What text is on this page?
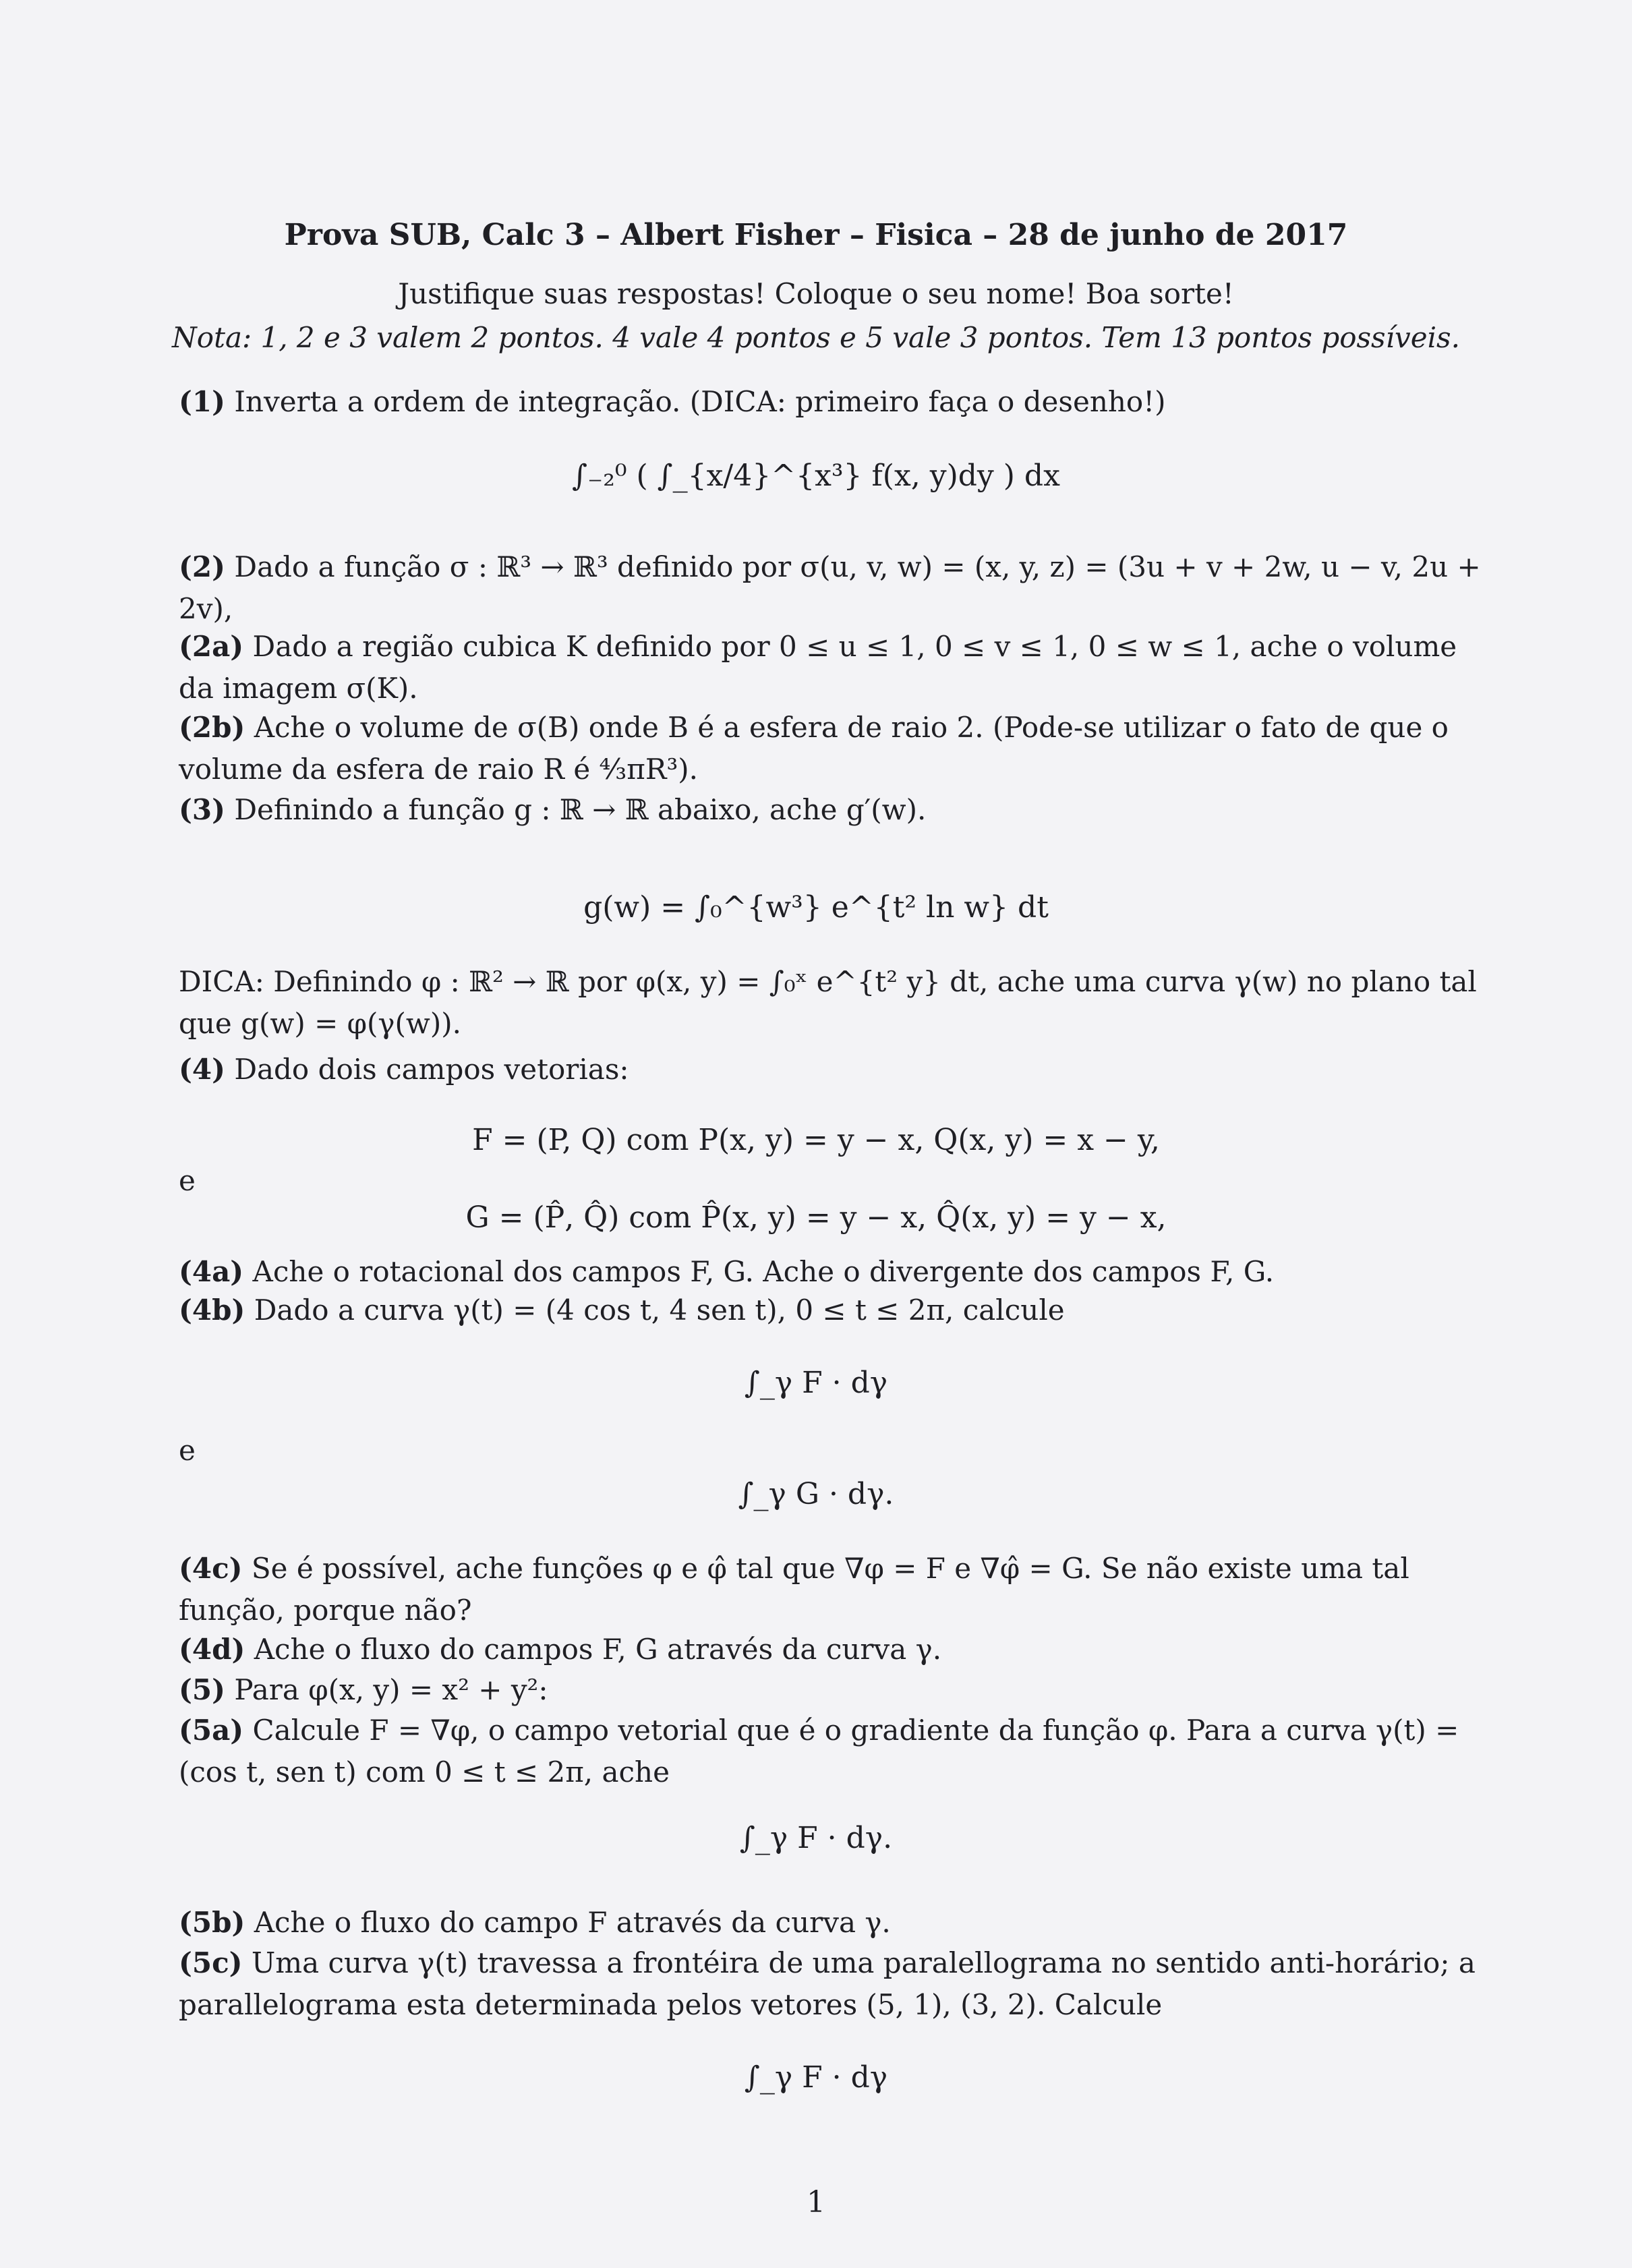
Prova SUB, Calc 3 – Albert Fisher – Fisica – 28 de junho de 2017
Justifique suas respostas! Coloque o seu nome! Boa sorte!
Nota: 1, 2 e 3 valem 2 pontos. 4 vale 4 pontos e 5 vale 3 pontos. Tem 13 pontos possíveis.
(1) Inverta a ordem de integração. (DICA: primeiro faça o desenho!)
∫₋₂⁰ ( ∫_{x/4}^{x³} f(x, y)dy ) dx
(2) Dado a função σ : ℝ³ → ℝ³ definido por σ(u, v, w) = (x, y, z) = (3u + v + 2w, u − v, 2u + 2v),
(2a) Dado a região cubica K definido por 0 ≤ u ≤ 1, 0 ≤ v ≤ 1, 0 ≤ w ≤ 1, ache o volume da imagem σ(K).
(2b) Ache o volume de σ(B) onde B é a esfera de raio 2. (Pode-se utilizar o fato de que o volume da esfera de raio R é ⁴⁄₃πR³).
(3) Definindo a função g : ℝ → ℝ abaixo, ache g′(w).
g(w) = ∫₀^{w³} e^{t² ln w} dt
DICA: Definindo φ : ℝ² → ℝ por φ(x, y) = ∫₀ˣ e^{t² y} dt, ache uma curva γ(w) no plano tal que g(w) = φ(γ(w)).
(4) Dado dois campos vetorias:
F = (P, Q) com P(x, y) = y − x, Q(x, y) = x − y,
e
G = (P̂, Q̂) com P̂(x, y) = y − x, Q̂(x, y) = y − x,
(4a) Ache o rotacional dos campos F, G. Ache o divergente dos campos F, G.
(4b) Dado a curva γ(t) = (4 cos t, 4 sen t), 0 ≤ t ≤ 2π, calcule
∫_γ F · dγ
e
∫_γ G · dγ.
(4c) Se é possível, ache funções φ e φ̂ tal que ∇φ = F e ∇φ̂ = G. Se não existe uma tal função, porque não?
(4d) Ache o fluxo do campos F, G através da curva γ.
(5) Para φ(x, y) = x² + y²:
(5a) Calcule F = ∇φ, o campo vetorial que é o gradiente da função φ. Para a curva γ(t) = (cos t, sen t) com 0 ≤ t ≤ 2π, ache
∫_γ F · dγ.
(5b) Ache o fluxo do campo F através da curva γ.
(5c) Uma curva γ(t) travessa a frontéira de uma paralellograma no sentido anti-horário; a parallelograma esta determinada pelos vetores (5, 1), (3, 2). Calcule
∫_γ F · dγ
1
